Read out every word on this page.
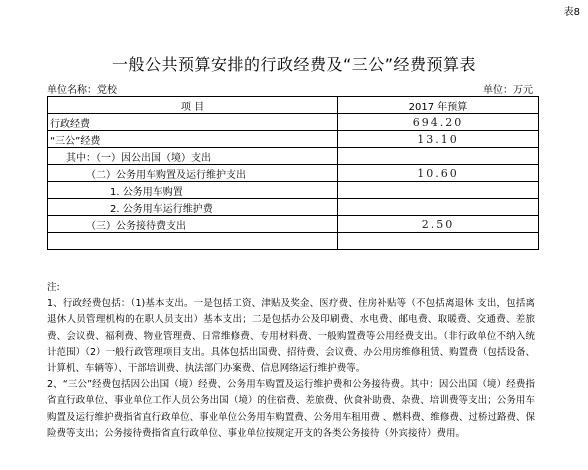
表8
一般公共预算安排的行政经费及“三公”经费预算表
单位名称：党校	单位：万元
项 目	2017 年预算
行政经费	694.20
“三公”经费	13.10
其中：（一）因公出国（境）支出	
（二）公务用车购置及运行维护支出	10.60
1. 公务用车购置	
2. 公务用车运行维护费	
（三）公务接待费支出	2.50

注:

1、行政经费包括：（1)基本支出。一是包括工资、津贴及奖金、医疗费、住房补贴等（不包括离退休 支出，包括离退休人员管理机构的在职人员支出）基本支出；二是包括办公及印刷费、水电费、邮电费、取暖费、交通费、差旅费、会议费、福利费、物业管理费、日常维修费、专用材料费、一般购置费等公用经费支出。（非行政单位不纳入统计范围）（2）一般行政管理项目支出。具体包括出国费、招待费、会议费、办公用房维修租赁、购置费（包括设备、计算机、车辆等）、干部培训费、执法部门办案费、信息网络运行维护费等。

2、“三公”经费包括因公出国（境）经费、公务用车购置及运行维护费和公务接待费。其中：因公出国（境）经费指省直行政单位、事业单位工作人员公务出国（境）的住宿费、差旅费、伙食补助费、杂费、培训费等支出；公务用车购置及运行维护费指省直行政单位、事业单位公务用车购置费、公务用车租用费 、燃料费、维修费、过桥过路费、保险费等支出；公务接待费指省直行政单位、事业单位按规定开支的各类公务接待（外宾接待）费用。
